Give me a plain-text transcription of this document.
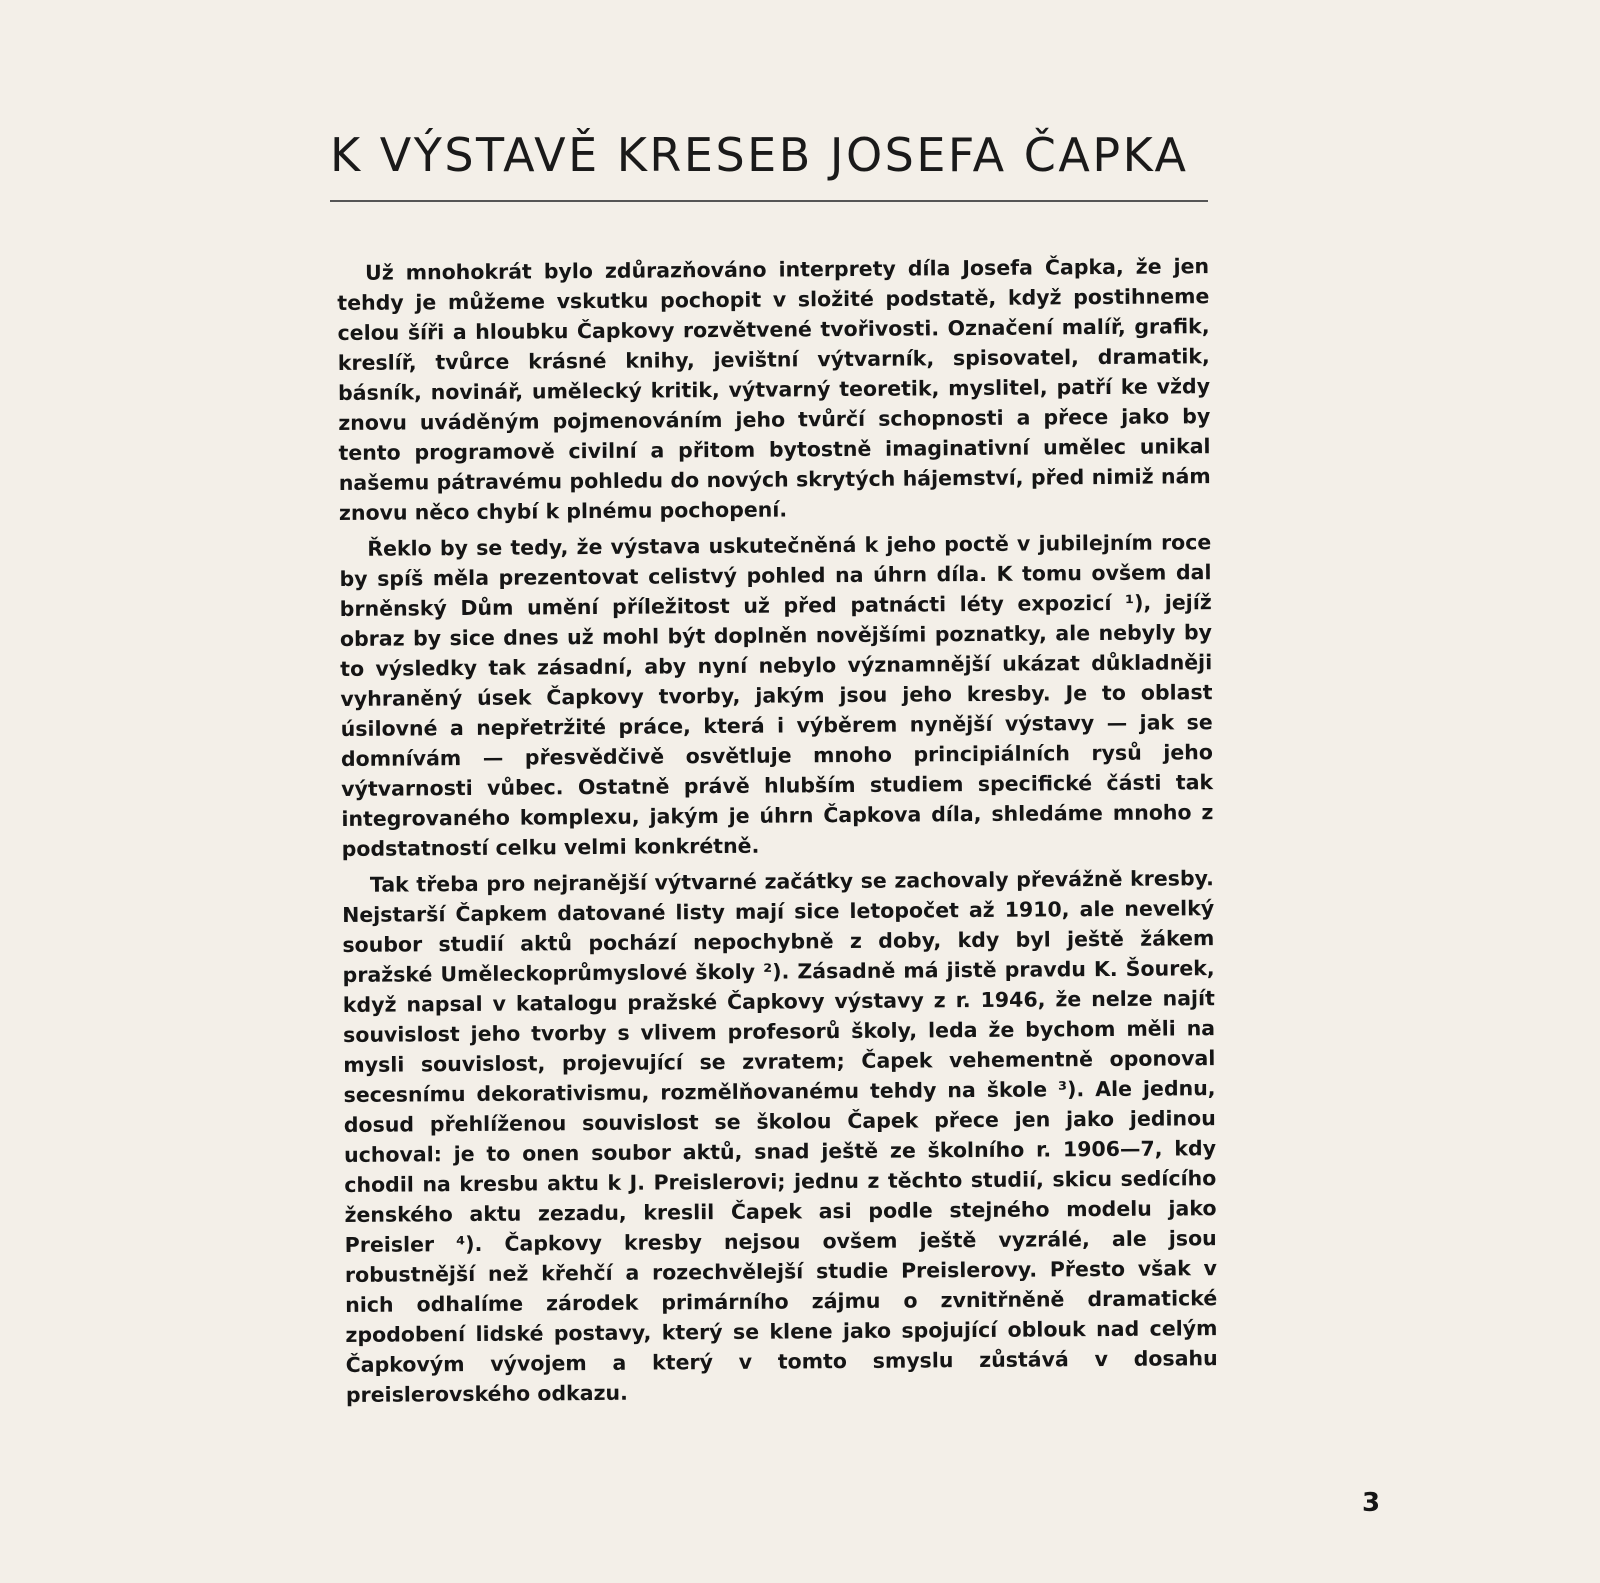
K VÝSTAVĚ KRESEB JOSEFA ČAPKA

Už mnohokrát bylo zdůrazňováno interprety díla Josefa Čapka, že jen tehdy je můžeme vskutku pochopit v složité podstatě, když postihneme celou šíři a hloubku Čapkovy rozvětvené tvořivosti. Označení malíř, grafik, kreslíř, tvůrce krásné knihy, jevištní výtvarník, spisovatel, dramatik, básník, novinář, umělecký kritik, výtvarný teoretik, myslitel, patří ke vždy znovu uváděným pojmenováním jeho tvůrčí schopnosti a přece jako by tento programově civilní a přitom bytostně imaginativní umělec unikal našemu pátravému pohledu do nových skrytých hájemství, před nimiž nám znovu něco chybí k plnému pochopení.

Řeklo by se tedy, že výstava uskutečněná k jeho poctě v jubilejním roce by spíš měla prezentovat celistvý pohled na úhrn díla. K tomu ovšem dal brněnský Dům umění příležitost už před patnácti léty expozicí ¹), jejíž obraz by sice dnes už mohl být doplněn novějšími poznatky, ale nebyly by to výsledky tak zásadní, aby nyní nebylo významnější ukázat důkladněji vyhraněný úsek Čapkovy tvorby, jakým jsou jeho kresby. Je to oblast úsilovné a nepřetržité práce, která i výběrem nynější výstavy — jak se domnívám — přesvědčivě osvětluje mnoho principiálních rysů jeho výtvarnosti vůbec. Ostatně právě hlubším studiem specifické části tak integrovaného komplexu, jakým je úhrn Čapkova díla, shledáme mnoho z podstatností celku velmi konkrétně.

Tak třeba pro nejranější výtvarné začátky se zachovaly převážně kresby. Nejstarší Čapkem datované listy mají sice letopočet až 1910, ale nevelký soubor studií aktů pochází nepochybně z doby, kdy byl ještě žákem pražské Uměleckoprůmyslové školy ²). Zásadně má jistě pravdu K. Šourek, když napsal v katalogu pražské Čapkovy výstavy z r. 1946, že nelze najít souvislost jeho tvorby s vlivem profesorů školy, leda že bychom měli na mysli souvislost, projevující se zvratem; Čapek vehementně oponoval secesnímu dekorativismu, rozmělňovanému tehdy na škole ³). Ale jednu, dosud přehlíženou souvislost se školou Čapek přece jen jako jedinou uchoval: je to onen soubor aktů, snad ještě ze školního r. 1906—7, kdy chodil na kresbu aktu k J. Preislerovi; jednu z těchto studií, skicu sedícího ženského aktu zezadu, kreslil Čapek asi podle stejného modelu jako Preisler ⁴). Čapkovy kresby nejsou ovšem ještě vyzrálé, ale jsou robustnější než křehčí a rozechvělejší studie Preislerovy. Přesto však v nich odhalíme zárodek primárního zájmu o zvnitřněně dramatické zpodobení lidské postavy, který se klene jako spojující oblouk nad celým Čapkovým vývojem a který v tomto smyslu zůstává v dosahu preislerovského odkazu.

3
